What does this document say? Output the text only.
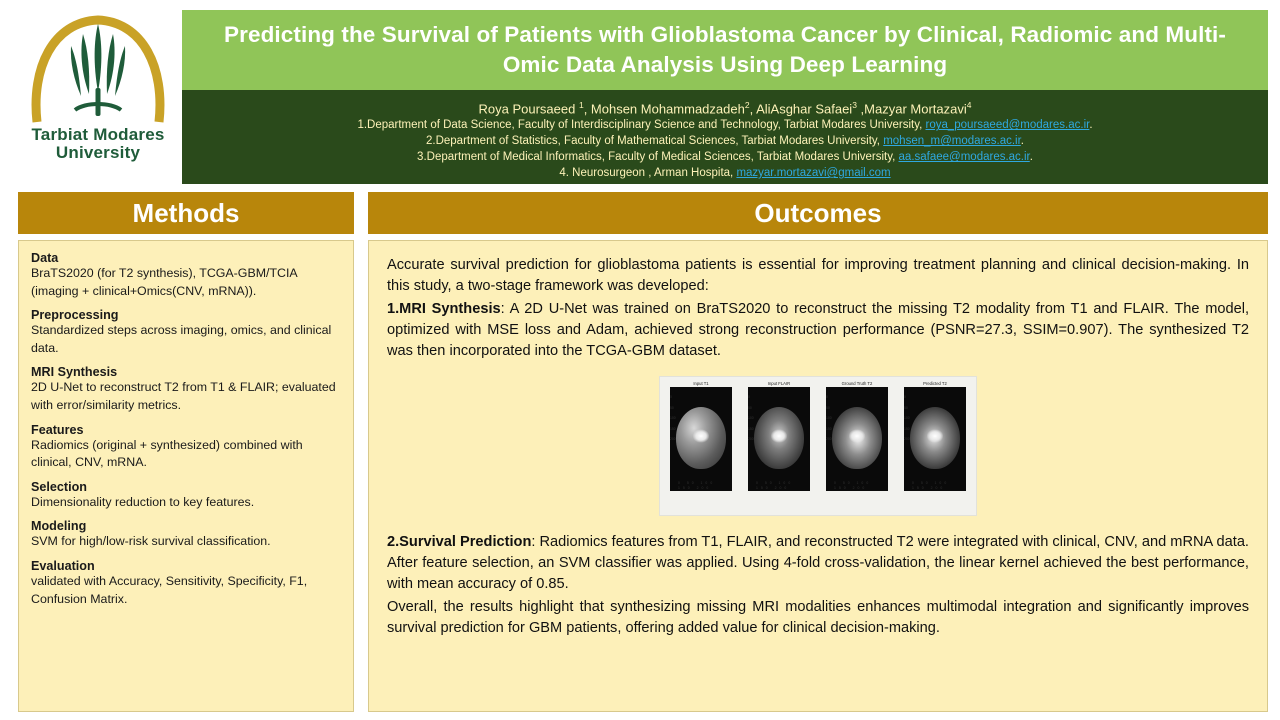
Tarbiat Modares
University
Predicting the Survival of Patients with Glioblastoma Cancer by Clinical, Radiomic and Multi-Omic Data Analysis Using Deep Learning
Roya Poursaeed $^1$, Mohsen Mohammadzadeh$^2$, AliAsghar Safaei$^3$ ,Mazyar Mortazavi$^4$
1.Department of Data Science, Faculty of Interdisciplinary Science and Technology, Tarbiat Modares University, roya_poursaeed@modares.ac.ir.
2.Department of Statistics, Faculty of Mathematical Sciences, Tarbiat Modares University, mohsen_m@modares.ac.ir.
3.Department of Medical Informatics, Faculty of Medical Sciences, Tarbiat Modares University, aa.safaee@modares.ac.ir.
4. Neurosurgeon , Arman Hospita, mazyar.mortazavi@gmail.com
Methods	Outcomes
Data
BraTS2020 (for T2 synthesis), TCGA-GBM/TCIA (imaging + clinical+Omics(CNV, mRNA)).
Preprocessing
Standardized steps across imaging, omics, and clinical data.
MRI Synthesis
2D U-Net to reconstruct T2 from T1 & FLAIR; evaluated with error/similarity metrics.
Features
Radiomics (original + synthesized) combined with clinical, CNV, mRNA.
Selection
Dimensionality reduction to key features.
Modeling
SVM for high/low-risk survival classification.
Evaluation
validated with Accuracy, Sensitivity, Specificity, F1, Confusion Matrix.

Accurate survival prediction for glioblastoma patients is essential for improving treatment planning and clinical decision-making. In this study, a two-stage framework was developed:

1.MRI Synthesis: A 2D U-Net was trained on BraTS2020 to reconstruct the missing T2 modality from T1 and FLAIR. The model, optimized with MSE loss and Adam, achieved strong reconstruction performance (PSNR=27.3, SSIM=0.907). The synthesized T2 was then incorporated into the TCGA-GBM dataset.

Input T1
0
50
100
150
200
0 50 100 150 200
Input FLAIR
0
50
100
150
200
0 50 100 150 200
Ground Truth T2
0
50
100
150
200
0 50 100 150 200
Predicted T2
0
50
100
150
200
0 50 100 150 200

2.Survival Prediction: Radiomics features from T1, FLAIR, and reconstructed T2 were integrated with clinical, CNV, and mRNA data. After feature selection, an SVM classifier was applied. Using 4-fold cross-validation, the linear kernel achieved the best performance, with mean accuracy of 0.85.

Overall, the results highlight that synthesizing missing MRI modalities enhances multimodal integration and significantly improves survival prediction for GBM patients, offering added value for clinical decision-making.
